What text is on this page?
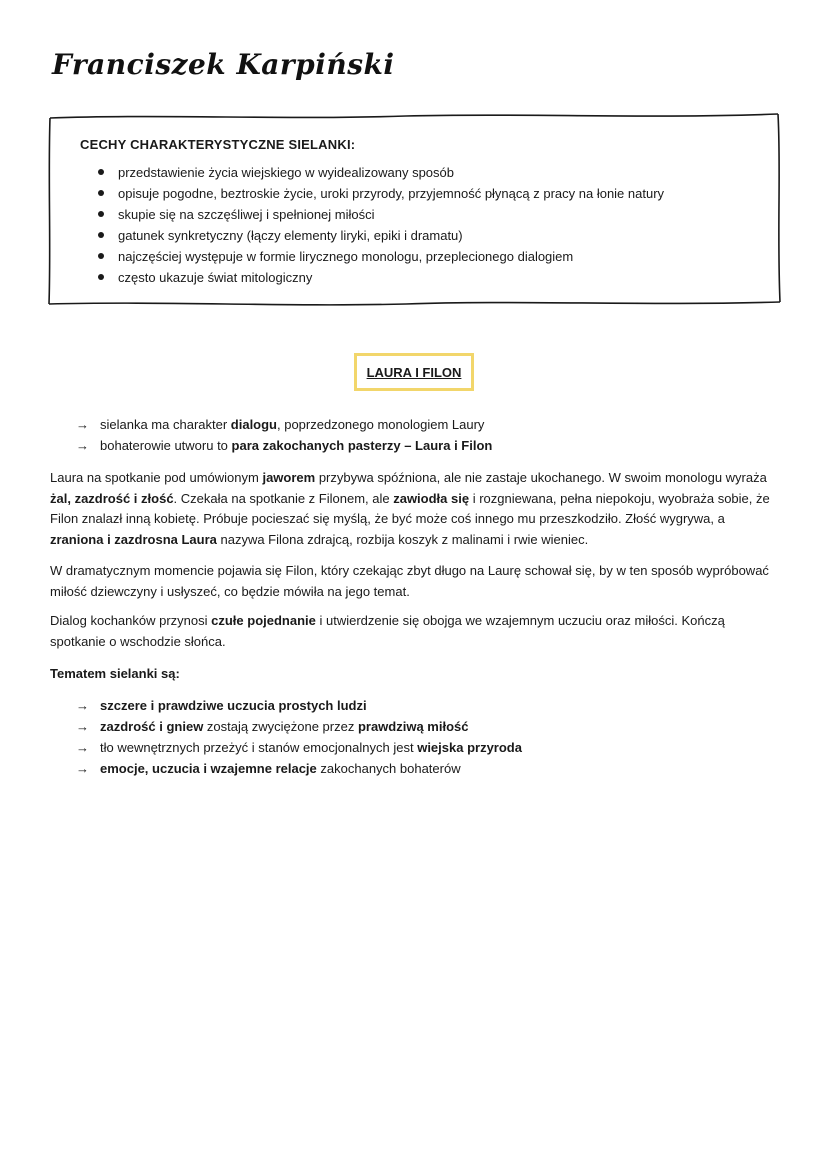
Franciszek Karpiński
CECHY CHARAKTERYSTYCZNE SIELANKI:
przedstawienie życia wiejskiego w wyidealizowany sposób
opisuje pogodne, beztroskie życie, uroki przyrody, przyjemność płynącą z pracy na łonie natury
skupie się na szczęśliwej i spełnionej miłości
gatunek synkretyczny (łączy elementy liryki, epiki i dramatu)
najczęściej występuje w formie lirycznego monologu, przeplecionego dialogiem
często ukazuje świat mitologiczny
LAURA I FILON
→ sielanka ma charakter dialogu, poprzedzonego monologiem Laury
→ bohaterowie utworu to para zakochanych pasterzy – Laura i Filon

Laura na spotkanie pod umówionym jaworem przybywa spóźniona, ale nie zastaje ukochanego. W swoim monologu wyraża żal, zazdrość i złość. Czekała na spotkanie z Filonem, ale zawiodła się i rozgniewana, pełna niepokoju, wyobraża sobie, że Filon znalazł inną kobietę. Próbuje pocieszać się myślą, że być może coś innego mu przeszkodziło. Złość wygrywa, a zraniona i zazdrosna Laura nazywa Filona zdrajcą, rozbija koszyk z malinami i rwie wieniec.

W dramatycznym momencie pojawia się Filon, który czekając zbyt długo na Laurę schował się, by w ten sposób wypróbować miłość dziewczyny i usłyszeć, co będzie mówiła na jego temat.

Dialog kochanków przynosi czułe pojednanie i utwierdzenie się obojga we wzajemnym uczuciu oraz miłości. Kończą spotkanie o wschodzie słońca.

Tematem sielanki są:

→ szczere i prawdziwe uczucia prostych ludzi
→ zazdrość i gniew zostają zwyciężone przez prawdziwą miłość
→ tło wewnętrznych przeżyć i stanów emocjonalnych jest wiejska przyroda
→ emocje, uczucia i wzajemne relacje zakochanych bohaterów
